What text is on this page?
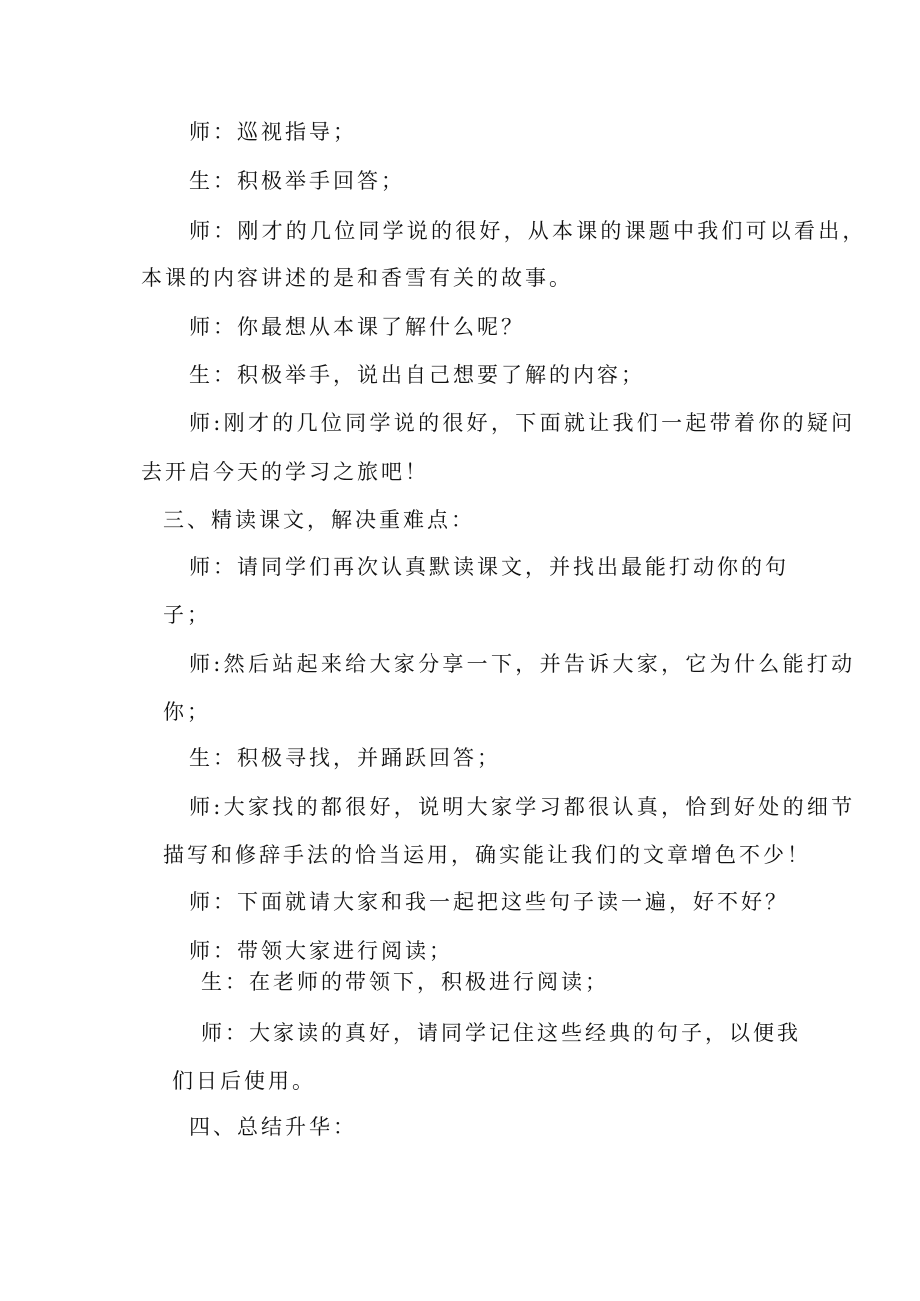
师：巡视指导；
生：积极举手回答；
师：刚才的几位同学说的很好，从本课的课题中我们可以看出，
本课的内容讲述的是和香雪有关的故事。
师：你最想从本课了解什么呢？
生：积极举手，说出自己想要了解的内容；
师:刚才的几位同学说的很好，下面就让我们一起带着你的疑问
去开启今天的学习之旅吧！
三、精读课文，解决重难点：
师：请同学们再次认真默读课文，并找出最能打动你的句
子；
师:然后站起来给大家分享一下，并告诉大家，它为什么能打动
你；
生：积极寻找，并踊跃回答；
师:大家找的都很好，说明大家学习都很认真，恰到好处的细节
描写和修辞手法的恰当运用，确实能让我们的文章增色不少！
师：下面就请大家和我一起把这些句子读一遍，好不好？
师：带领大家进行阅读；
生：在老师的带领下，积极进行阅读；
师：大家读的真好，请同学记住这些经典的句子，以便我
们日后使用。
四、总结升华：
